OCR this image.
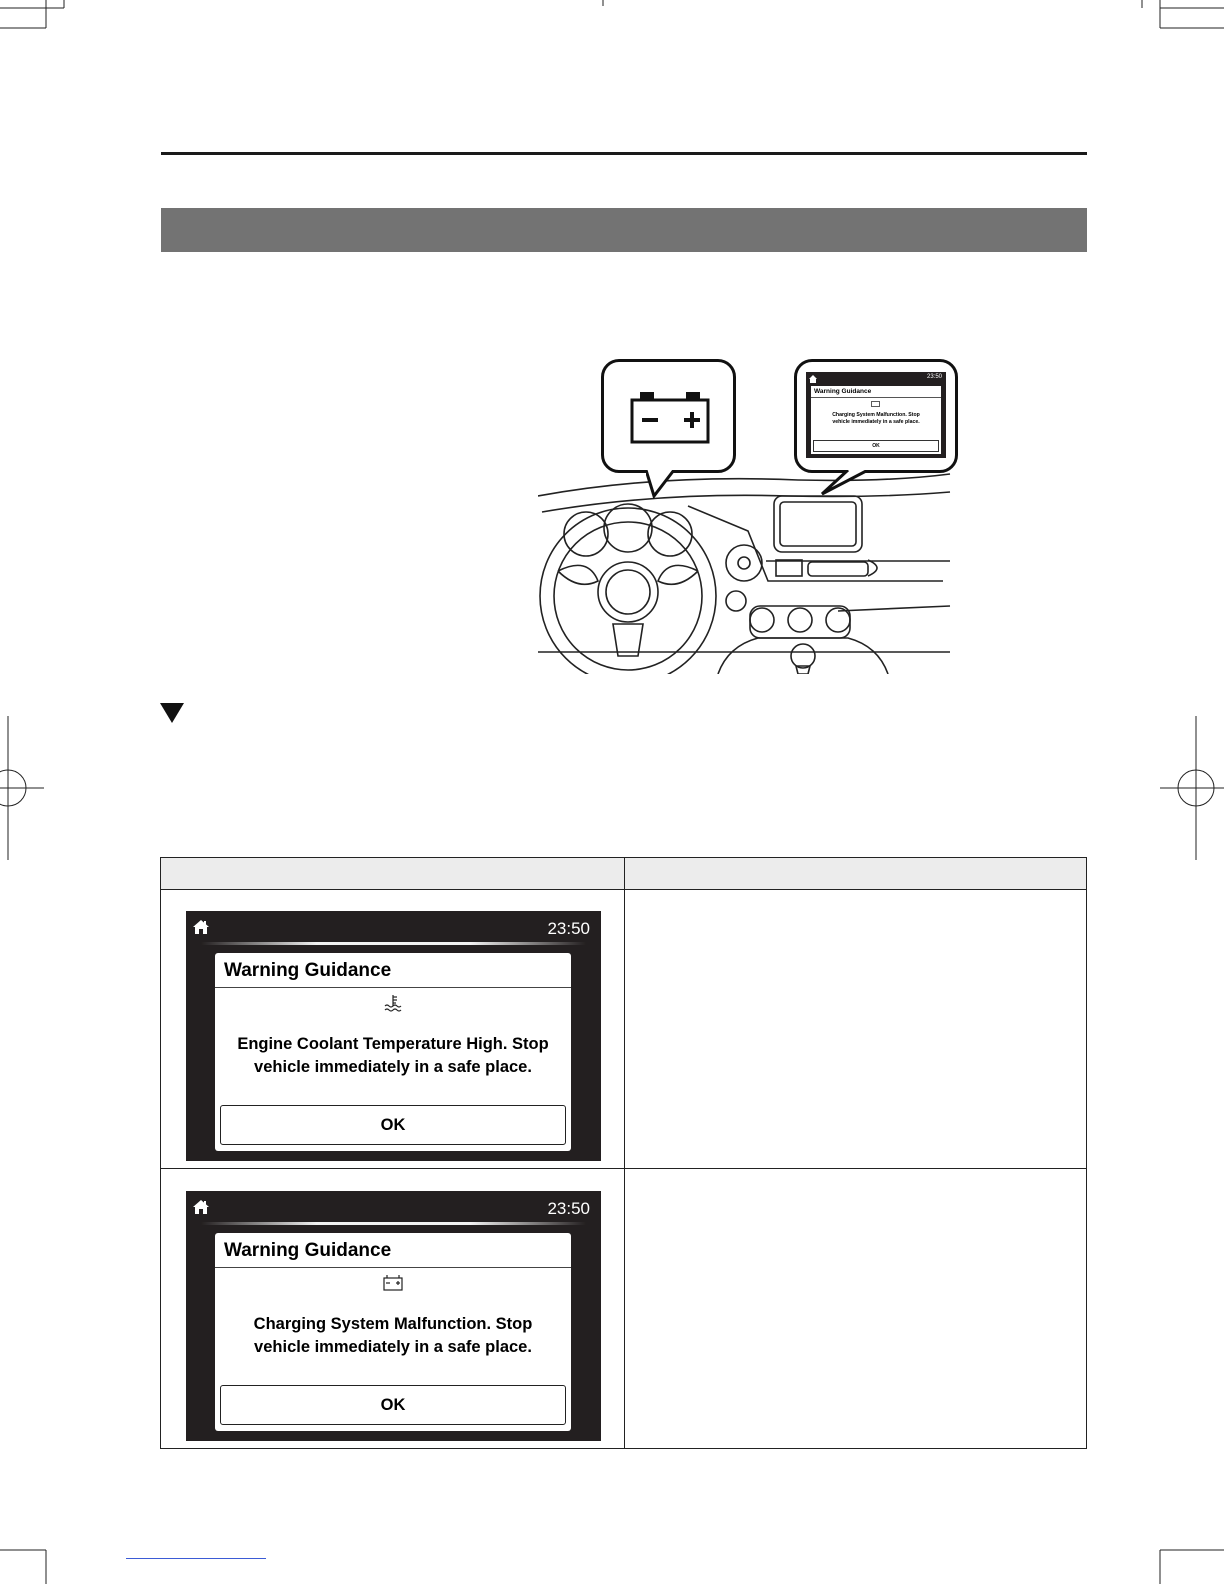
23:50
Warning Guidance
Charging System Malfunction. Stop
vehicle immediately in a safe place.
OK
23:50
Warning Guidance
Engine Coolant Temperature High. Stop
vehicle immediately in a safe place.
OK
23:50
Warning Guidance
Charging System Malfunction. Stop
vehicle immediately in a safe place.
OK
